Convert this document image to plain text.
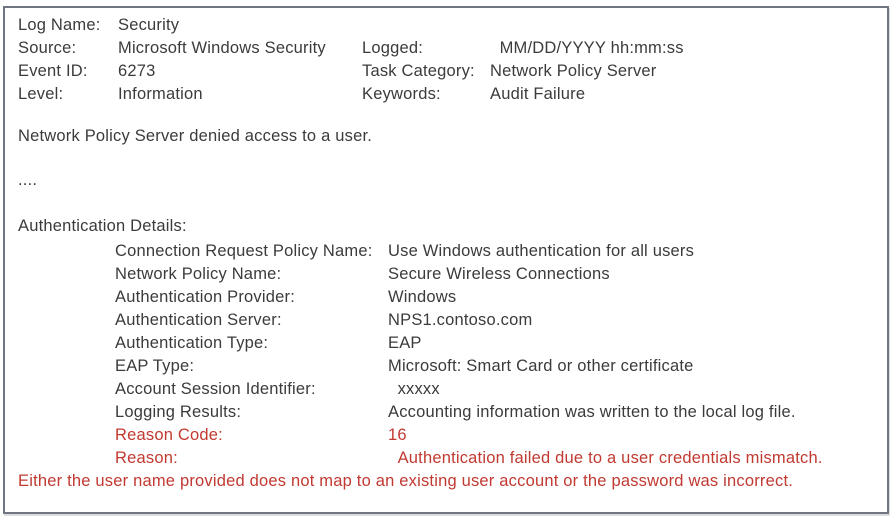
Log Name:	Security
Source:	Microsoft Windows Security	Logged:	MM/DD/YYYY hh:mm:ss
Event ID:	6273	Task Category: Network Policy Server
Level:	Information	Keywords:	Audit Failure
Network Policy Server denied access to a user.
....
Authentication Details:
Connection Request Policy Name: Use Windows authentication for all users
Network Policy Name:	Secure Wireless Connections
Authentication Provider:	Windows
Authentication Server:	NPS1.contoso.com
Authentication Type:	EAP
EAP Type:	Microsoft: Smart Card or other certificate
Account Session Identifier:	xxxxx
Logging Results:	Accounting information was written to the local log file.
Reason Code:	16
Reason:	Authentication failed due to a user credentials mismatch.
Either the user name provided does not map to an existing user account or the password was incorrect.
